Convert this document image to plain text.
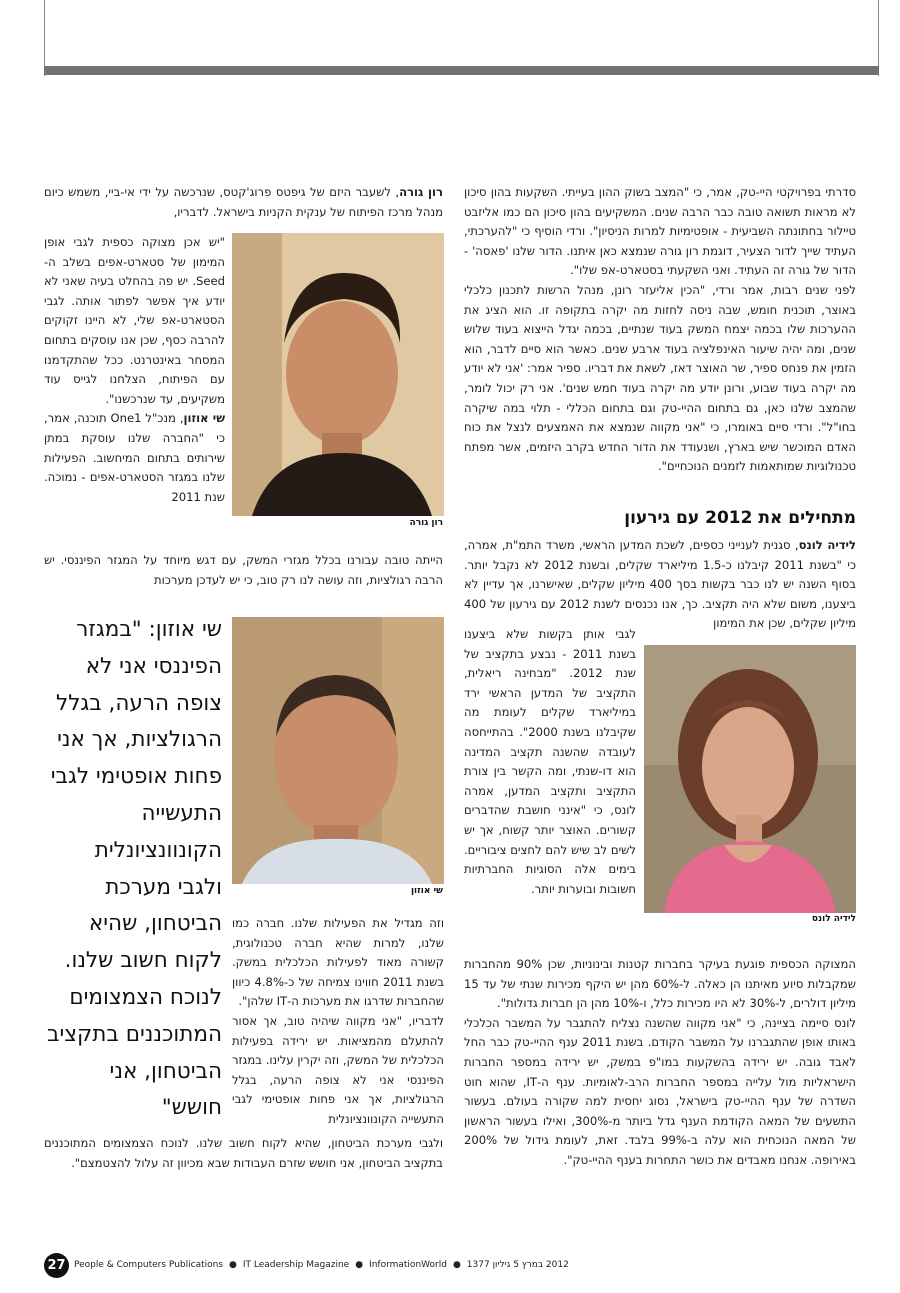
סדרתי בפרויקטי היי-טק, אמר, כי "המצב בשוק ההון בעייתי. השקעות בהון סיכון לא מראות תשואה טובה כבר הרבה שנים. המשקיעים בהון סיכון הם כמו אליזבט טיילור בחתונתה השביעית - אופטימיות למרות הניסיון". ורדי הוסיף כי "להערכתי, העתיד שייך לדור הצעיר, דוגמת רון גורה שנמצא כאן איתנו. הדור שלנו 'פאסה' - הדור של גורה זה העתיד. ואני השקעתי בסטארט-אפ שלו".

לפני שנים רבות, אמר ורדי, "הכין אליעזר רונן, מנהל הרשות לתכנון כלכלי באוצר, תוכנית חומש, שבה ניסה לחזות מה יקרה בתקופה זו. הוא הציג את ההערכות שלו בכמה יצמח המשק בעוד שנתיים, בכמה יגדל הייצוא בעוד שלוש שנים, ומה יהיה שיעור האינפלציה בעוד ארבע שנים. כאשר הוא סיים לדבר, הוא הזמין את פנחס ספיר, שר האוצר דאז, לשאת את דבריו. ספיר אמר: 'אני לא יודע מה יקרה בעוד שבוע, ורונן יודע מה יקרה בעוד חמש שנים'. אני רק יכול לומר, שהמצב שלנו כאן, גם בתחום ההיי-טק וגם בתחום הכללי - תלוי במה שיקרה בחו"ל". ורדי סיים באומרו, כי "אני מקווה שנמצא את האמצעים לנצל את כוח האדם המוכשר שיש בארץ, ושנעודד את הדור החדש בקרב היזמים, אשר מפתח טכנולוגיות שמותאמות לזמנים הנוכחיים".

מתחילים את 2012 עם גירעון

לידיה לונס, סגנית לענייני כספים, לשכת המדען הראשי, משרד התמ"ת, אמרה, כי "בשנת 2011 קיבלנו כ-1.5 מיליארד שקלים, ובשנת 2012 לא נקבל יותר. בסוף השנה יש לנו כבר בקשות בסך 400 מיליון שקלים, שאישרנו, אך עדיין לא ביצענו, משום שלא היה תקציב. כך, אנו נכנסים לשנת 2012 עם גירעון של 400 מיליון שקלים, שכן את המימון

לגבי אותן בקשות שלא ביצענו בשנת 2011 - נבצע בתקציב של שנת 2012. "מבחינה ריאלית, התקציב של המדען הראשי ירד במיליארד שקלים לעומת מה שקיבלנו בשנת 2000". בהתייחסה לעובדה שהשנה תקציב המדינה הוא דו-שנתי, ומה הקשר בין צורת התקציב ותקציב המדען, אמרה לונס, כי "אינני חושבת שהדברים קשורים. האוצר יותר קשוח, אך יש לשים לב שיש להם לחצים ציבוריים. בימים אלה הסוגיות החברתיות חשובות ובוערות יותר.

לידיה לונס

המצוקה הכספית פוגעת בעיקר בחברות קטנות ובינוניות, שכן 90% מהחברות שמקבלות סיוע מאיתנו הן כאלה. ל-60% מהן יש היקף מכירות שנתי של עד 15 מיליון דולרים, ל-30% לא היו מכירות כלל, ו-10% מהן הן חברות גדולות".

לונס סיימה בציינה, כי "אני מקווה שהשנה נצליח להתגבר על המשבר הכלכלי באותו אופן שהתגברנו על המשבר הקודם. בשנת 2011 ענף ההיי-טק כבר החל לאבד גובה. יש ירידה בהשקעות במו"פ במשק, יש ירידה במספר החברות הישראליות מול עלייה במספר החברות הרב-לאומיות. ענף ה-IT, שהוא חוט השדרה של ענף ההיי-טק בישראל, נסוג יחסית למה שקורה בעולם. בעשור התשעים של המאה הקודמת הענף גדל ביותר מ-300%, ואילו בעשור הראשון של המאה הנוכחית הוא עלה ב-99% בלבד. זאת, לעומת גידול של 200% באירופה. אנחנו מאבדים את כושר התחרות בענף ההיי-טק".

רון גורה, לשעבר היזם של גיפטס פרוג'קטס, שנרכשה על ידי אי-ביי, משמש כיום מנהל מרכז הפיתוח של ענקית הקניות בישראל. לדבריו,

רון גורה

"יש אכן מצוקה כספית לגבי אופן המימון של סטארט-אפים בשלב ה-Seed. יש פה בהחלט בעיה שאני לא יודע איך אפשר לפתור אותה. לגבי הסטארט-אפ שלי, לא היינו זקוקים להרבה כסף, שכן אנו עוסקים בתחום המסחר באינטרנט. ככל שהתקדמנו עם הפיתוח, הצלחנו לגייס עוד משקיעים, עד שנרכשנו".

שי אוזון, מנכ"ל One1 תוכנה, אמר, כי "החברה שלנו עוסקת במתן שירותים בתחום המיחשוב. הפעילות שלנו במגזר הסטארט-אפים - נמוכה. שנת 2011

הייתה טובה עבורנו בכלל מגזרי המשק, עם דגש מיוחד על המגזר הפיננסי. יש הרבה רגולציות, וזה עושה לנו רק טוב, כי יש לעדכן מערכות

שי אוזון: "במגזר הפיננסי אני לא צופה הרעה, בגלל הרגולציות, אך אני פחות אופטימי לגבי התעשייה הקונוונציונלית ולגבי מערכת הביטחון, שהיא לקוח חשוב שלנו. לנוכח הצמצומים המתוכננים בתקציב הביטחון, אני חושש"
שי אוזון

וזה מגדיל את הפעילות שלנו. חברה כמו שלנו, למרות שהיא חברה טכנולוגית, קשורה מאוד לפעילות הכלכלית במשק. בשנת 2011 חווינו צמיחה של כ-4.8% כיוון שהחברות שדרגו את מערכות ה-IT שלהן".

לדבריו, "אני מקווה שיהיה טוב, אך אסור להתעלם מהמציאות. יש ירידה בפעילות הכלכלית של המשק, וזה יקרין עלינו. במגזר הפיננסי אני לא צופה הרעה, בגלל הרגולציות, אך אני פחות אופטימי לגבי התעשייה הקונוונציונלית

ולגבי מערכת הביטחון, שהיא לקוח חשוב שלנו. לנוכח הצמצומים המתוכננים בתקציב הביטחון, אני חושש שזרם העבודות שבא מכיוון זה עלול להצטמצם".

27 People & Computers Publications ● IT Leadership Magazine ● InformationWorld ● 2012 במרץ 5 גיליון 1377
